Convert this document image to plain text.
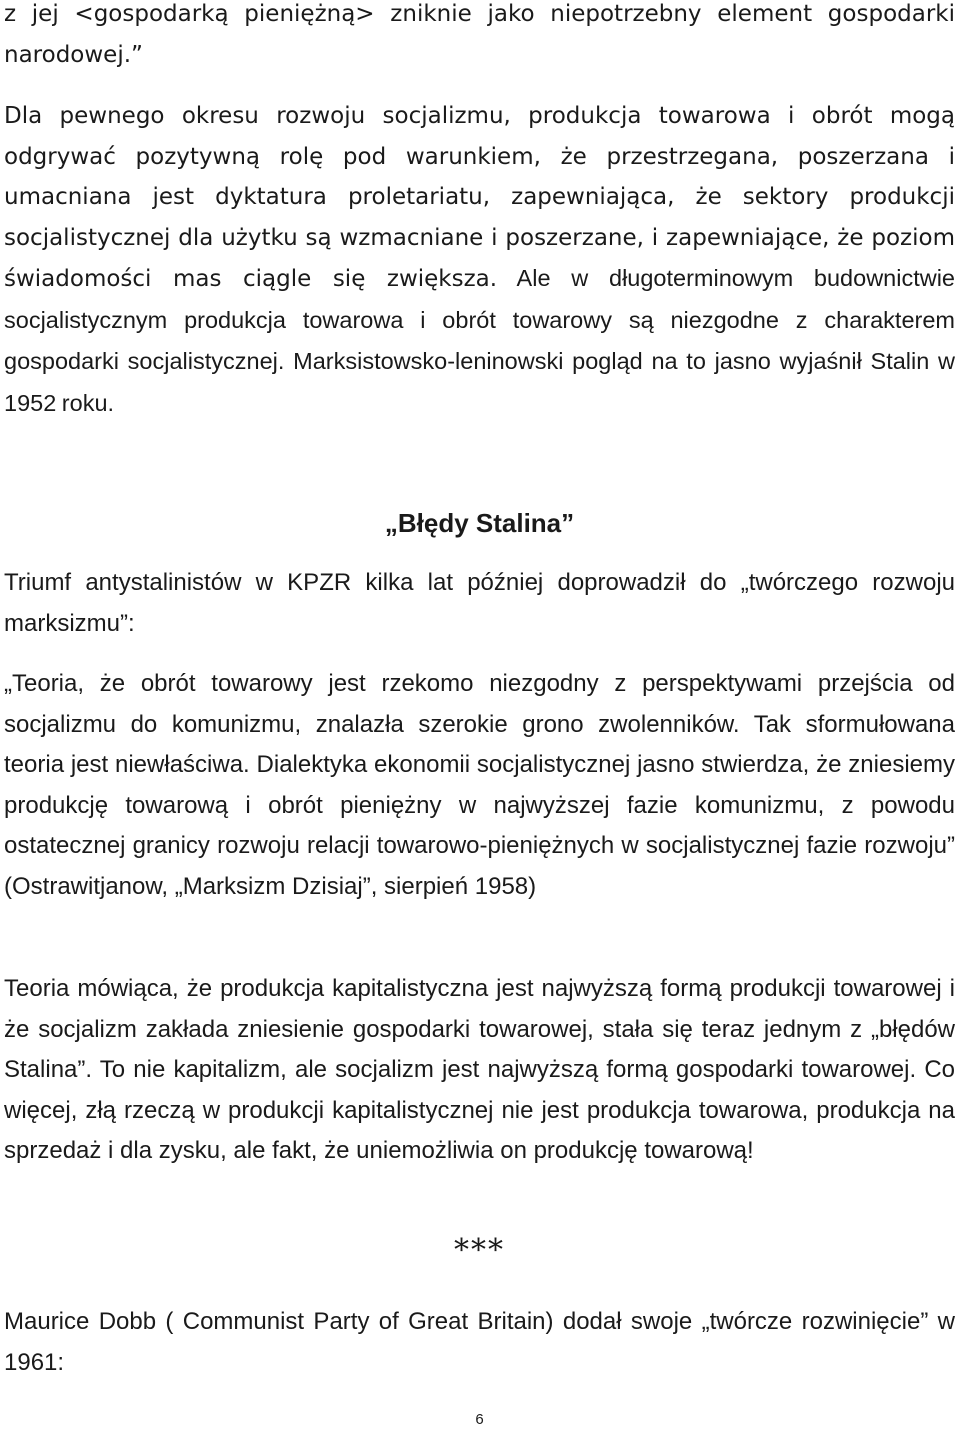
z jej <gospodarką pieniężną> zniknie jako niepotrzebny element gospodarki narodowej.”

Dla pewnego okresu rozwoju socjalizmu, produkcja towarowa i obrót mogą odgrywać pozytywną rolę pod warunkiem, że przestrzegana, poszerzana i umacniana jest dyktatura proletariatu, zapewniająca, że sektory produkcji socjalistycznej dla użytku są wzmacniane i poszerzane, i zapewniające, że poziom świadomości mas ciągle się zwiększa. Ale w długoterminowym budownictwie socjalistycznym produkcja towarowa i obrót towarowy są niezgodne z charakterem gospodarki socjalistycznej. Marksistowsko-leninowski pogląd na to jasno wyjaśnił Stalin w 1952 roku.

„Błędy Stalina”

Triumf antystalinistów w KPZR kilka lat później doprowadził do „twórczego rozwoju marksizmu”:

„Teoria, że obrót towarowy jest rzekomo niezgodny z perspektywami przejścia od socjalizmu do komunizmu, znalazła szerokie grono zwolenników. Tak sformułowana teoria jest niewłaściwa. Dialektyka ekonomii socjalistycznej jasno stwierdza, że zniesiemy produkcję towarową i obrót pieniężny w najwyższej fazie komunizmu, z powodu ostatecznej granicy rozwoju relacji towarowo-pieniężnych w socjalistycznej fazie rozwoju” (Ostrawitjanow, „Marksizm Dzisiaj”, sierpień 1958)

Teoria mówiąca, że produkcja kapitalistyczna jest najwyższą formą produkcji towarowej i że socjalizm zakłada zniesienie gospodarki towarowej, stała się teraz jednym z „błędów Stalina”. To nie kapitalizm, ale socjalizm jest najwyższą formą gospodarki towarowej. Co więcej, złą rzeczą w produkcji kapitalistycznej nie jest produkcja towarowa, produkcja na sprzedaż i dla zysku, ale fakt, że uniemożliwia on produkcję towarową!

***

Maurice Dobb ( Communist Party of Great Britain) dodał swoje „twórcze rozwinięcie” w 1961:

6
